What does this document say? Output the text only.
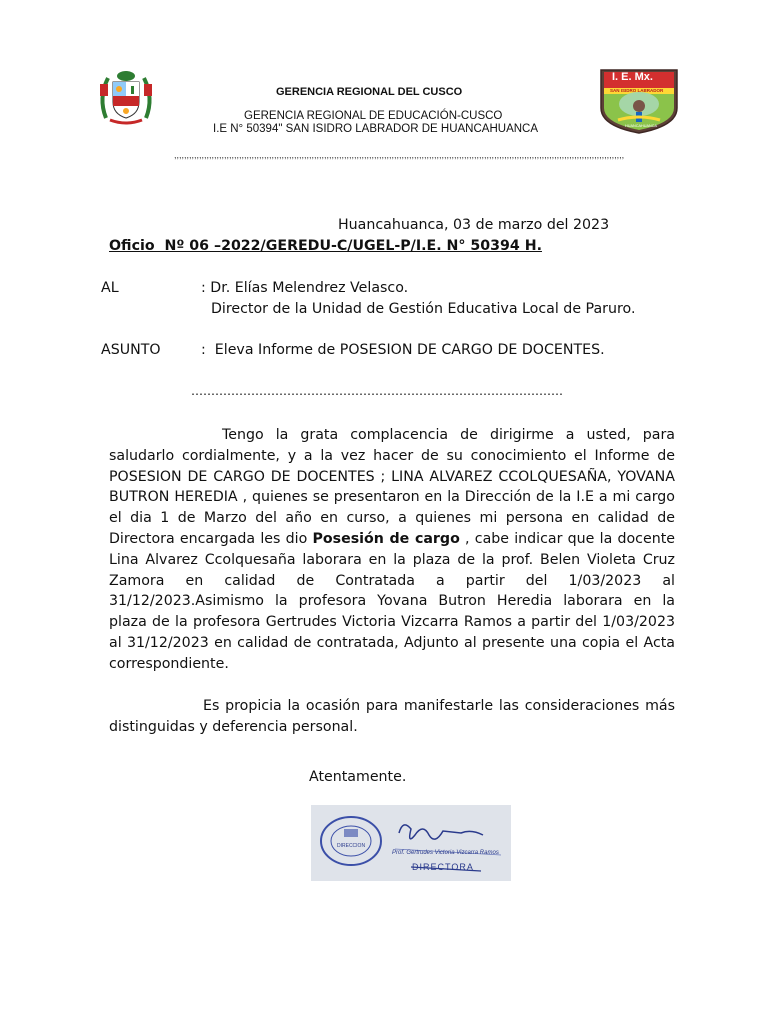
GERENCIA REGIONAL DEL CUSCO
GERENCIA REGIONAL DE EDUCACIÓN-CUSCO
I.E N° 50394" SAN ISIDRO LABRADOR DE HUANCAHUANCA
,,,,,,,,,,,,,,,,,,,,,,,,,,,,,,,,,,,,,,,,,,,,,,,,,,,,,,,,,,,,,,,,,,,,,,,,,,,,,,,,,,,,,,,,,,,,,,,,,,,,,,,,,,,,,,,,,,,,,,,,,,,,,,,,,,,,,,,,,,,,,,,,,,,,,,,,,,,,,,,,,,,,,,,,,,,,,,,,,,,,
I. E. Mx.
SAN ISIDRO LABRADOR
HUANCAHUANCA
Huancahuanca, 03 de marzo del 2023
Oficio  Nº 06 –2022/GEREDU-C/UGEL-P/I.E. N° 50394 H.
AL	: Dr. Elías Melendrez Velasco.
Director de la Unidad de Gestión Educativa Local de Paruro.
ASUNTO	:  Eleva Informe de POSESION DE CARGO DE DOCENTES.
…………………………………………………………………………………
Tengo la grata complacencia de dirigirme a usted, para
saludarlo cordialmente, y a la vez hacer de su conocimiento el Informe de
POSESION DE CARGO DE DOCENTES ; LINA ALVAREZ CCOLQUESAÑA, YOVANA
BUTRON HEREDIA , quienes se presentaron en la Dirección de la I.E a mi cargo
el dia 1 de Marzo del año en curso, a quienes mi persona en calidad de
Directora encargada les dio Posesión de cargo , cabe indicar que la docente
Lina Alvarez Ccolquesaña laborara en la plaza de la prof. Belen Violeta Cruz
Zamora en calidad de Contratada a partir del 1/03/2023 al
31/12/2023.Asimismo la profesora Yovana Butron Heredia laborara en la
plaza de la profesora Gertrudes Victoria Vizcarra Ramos a partir del 1/03/2023
al 31/12/2023 en calidad de contratada, Adjunto al presente una copia el Acta
correspondiente.
Es propicia la ocasión para manifestarle las consideraciones más
distinguidas y deferencia personal.
Atentamente.
DIRECCION
Prof. Gertrudes Victoria Vizcarra Ramos
DIRECTORA
